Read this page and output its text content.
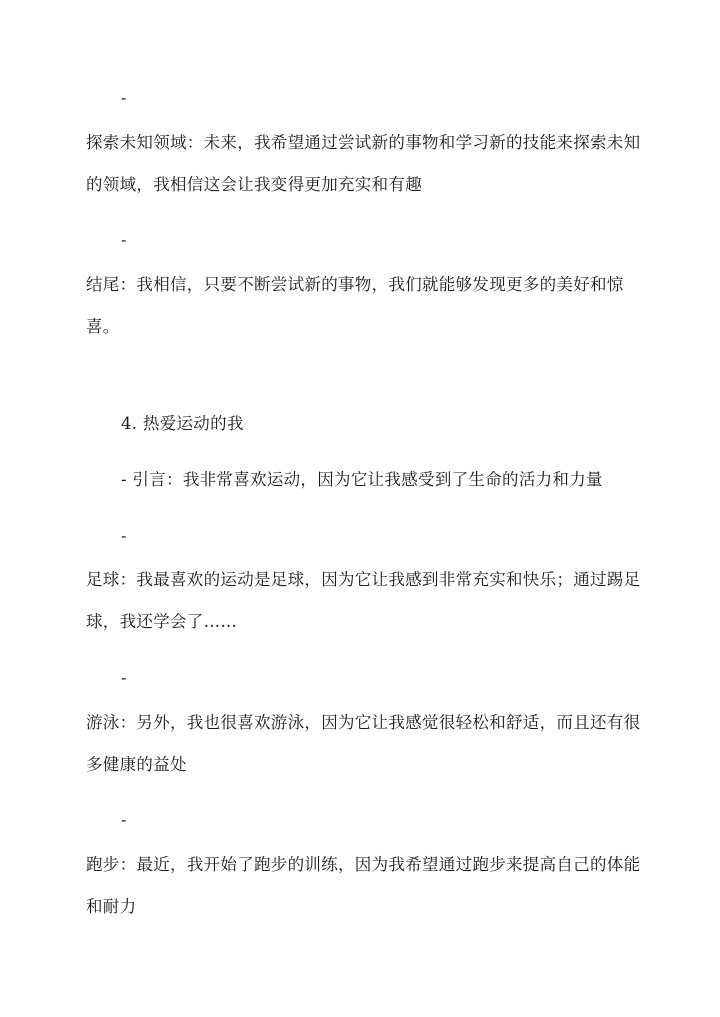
-
探索未知领域：未来，我希望通过尝试新的事物和学习新的技能来探索未知的领域，我相信这会让我变得更加充实和有趣
-
结尾：我相信，只要不断尝试新的事物，我们就能够发现更多的美好和惊喜。
4. 热爱运动的我
- 引言：我非常喜欢运动，因为它让我感受到了生命的活力和力量
-
足球：我最喜欢的运动是足球，因为它让我感到非常充实和快乐；通过踢足球，我还学会了……
-
游泳：另外，我也很喜欢游泳，因为它让我感觉很轻松和舒适，而且还有很多健康的益处
-
跑步：最近，我开始了跑步的训练，因为我希望通过跑步来提高自己的体能和耐力
